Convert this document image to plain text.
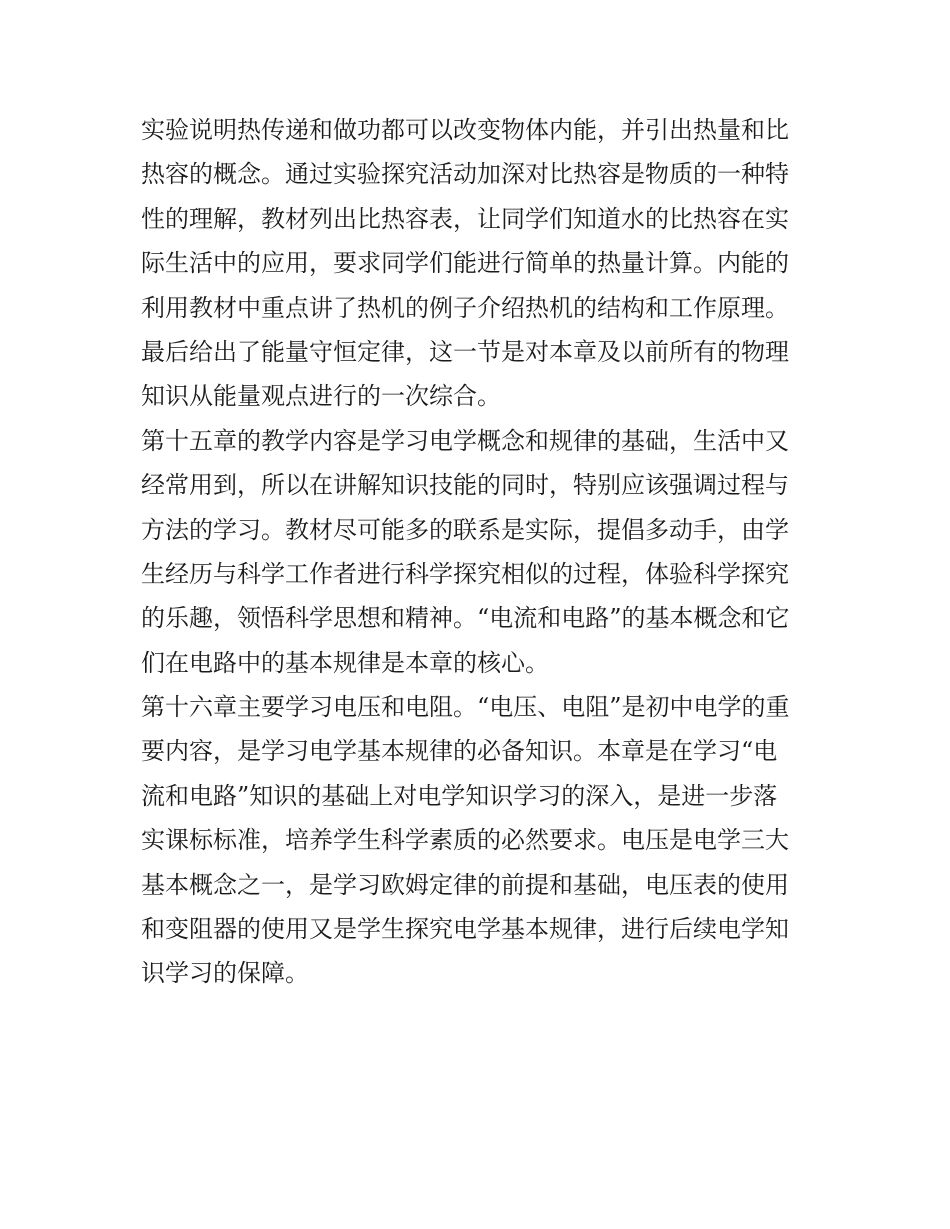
实验说明热传递和做功都可以改变物体内能，并引出热量和比
热容的概念。通过实验探究活动加深对比热容是物质的一种特
性的理解，教材列出比热容表，让同学们知道水的比热容在实
际生活中的应用，要求同学们能进行简单的热量计算。内能的
利用教材中重点讲了热机的例子介绍热机的结构和工作原理。
最后给出了能量守恒定律，这一节是对本章及以前所有的物理
知识从能量观点进行的一次综合。
第十五章的教学内容是学习电学概念和规律的基础，生活中又
经常用到，所以在讲解知识技能的同时，特别应该强调过程与
方法的学习。教材尽可能多的联系是实际，提倡多动手，由学
生经历与科学工作者进行科学探究相似的过程，体验科学探究
的乐趣，领悟科学思想和精神。“电流和电路”的基本概念和它
们在电路中的基本规律是本章的核心。
第十六章主要学习电压和电阻。“电压、电阻”是初中电学的重
要内容，是学习电学基本规律的必备知识。本章是在学习“电
流和电路”知识的基础上对电学知识学习的深入，是进一步落
实课标标准，培养学生科学素质的必然要求。电压是电学三大
基本概念之一，是学习欧姆定律的前提和基础，电压表的使用
和变阻器的使用又是学生探究电学基本规律，进行后续电学知
识学习的保障。
